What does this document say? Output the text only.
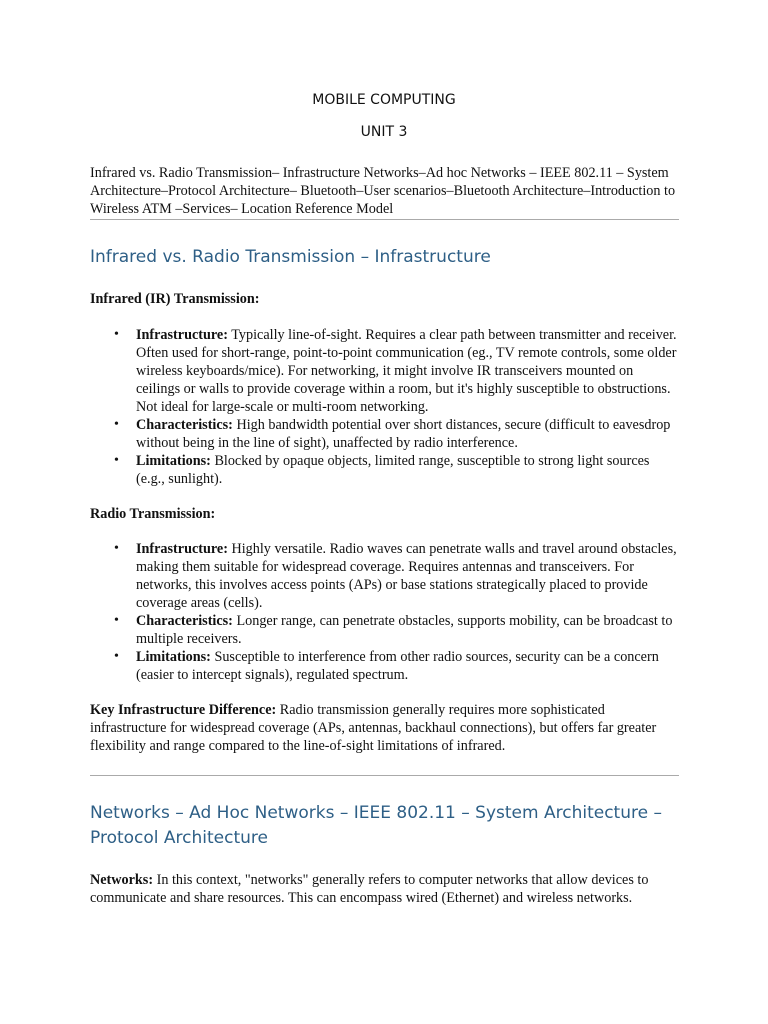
MOBILE COMPUTING
UNIT 3
Infrared vs. Radio Transmission– Infrastructure Networks–Ad hoc Networks – IEEE 802.11 – System Architecture–Protocol Architecture– Bluetooth–User scenarios–Bluetooth Architecture–Introduction to Wireless ATM –Services– Location Reference Model
Infrared vs. Radio Transmission – Infrastructure
Infrared (IR) Transmission:
• Infrastructure: Typically line-of-sight. Requires a clear path between transmitter and receiver. Often used for short-range, point-to-point communication (eg., TV remote controls, some older wireless keyboards/mice). For networking, it might involve IR transceivers mounted on ceilings or walls to provide coverage within a room, but it's highly susceptible to obstructions. Not ideal for large-scale or multi-room networking.
• Characteristics: High bandwidth potential over short distances, secure (difficult to eavesdrop without being in the line of sight), unaffected by radio interference.
• Limitations: Blocked by opaque objects, limited range, susceptible to strong light sources (e.g., sunlight).
Radio Transmission:
• Infrastructure: Highly versatile. Radio waves can penetrate walls and travel around obstacles, making them suitable for widespread coverage. Requires antennas and transceivers. For networks, this involves access points (APs) or base stations strategically placed to provide coverage areas (cells).
• Characteristics: Longer range, can penetrate obstacles, supports mobility, can be broadcast to multiple receivers.
• Limitations: Susceptible to interference from other radio sources, security can be a concern (easier to intercept signals), regulated spectrum.
Key Infrastructure Difference: Radio transmission generally requires more sophisticated infrastructure for widespread coverage (APs, antennas, backhaul connections), but offers far greater flexibility and range compared to the line-of-sight limitations of infrared.
Networks – Ad Hoc Networks – IEEE 802.11 – System Architecture – Protocol Architecture
Networks: In this context, "networks" generally refers to computer networks that allow devices to communicate and share resources. This can encompass wired (Ethernet) and wireless networks.
